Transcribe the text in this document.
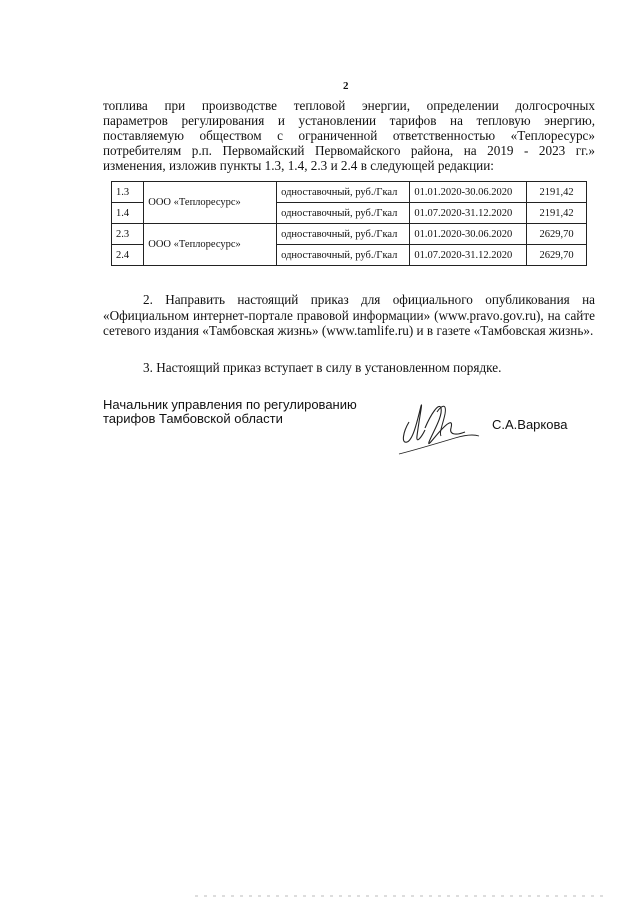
2
топлива при производстве тепловой энергии, определении долгосрочных
параметров регулирования и установлении тарифов на тепловую энергию,
поставляемую обществом с ограниченной ответственностью «Теплоресурс»
потребителям р.п. Первомайский Первомайского района, на 2019 - 2023 гг.»
изменения, изложив пункты 1.3, 1.4, 2.3 и 2.4 в следующей редакции:
1.3	ООО «Теплоресурс»	одноставочный, руб./Гкал	01.01.2020-30.06.2020	2191,42
1.4		одноставочный, руб./Гкал	01.07.2020-31.12.2020	2191,42
2.3	ООО «Теплоресурс»	одноставочный, руб./Гкал	01.01.2020-30.06.2020	2629,70
2.4		одноставочный, руб./Гкал	01.07.2020-31.12.2020	2629,70
2. Направить настоящий приказ для официального опубликования на «Официальном интернет-портале правовой информации» (www.pravo.gov.ru), на сайте сетевого издания «Тамбовская жизнь» (www.tamlife.ru) и в газете «Тамбовская жизнь».
3. Настоящий приказ вступает в силу в установленном порядке.
Начальник управления по регулированию
тарифов Тамбовской области	С.А.Варкова
